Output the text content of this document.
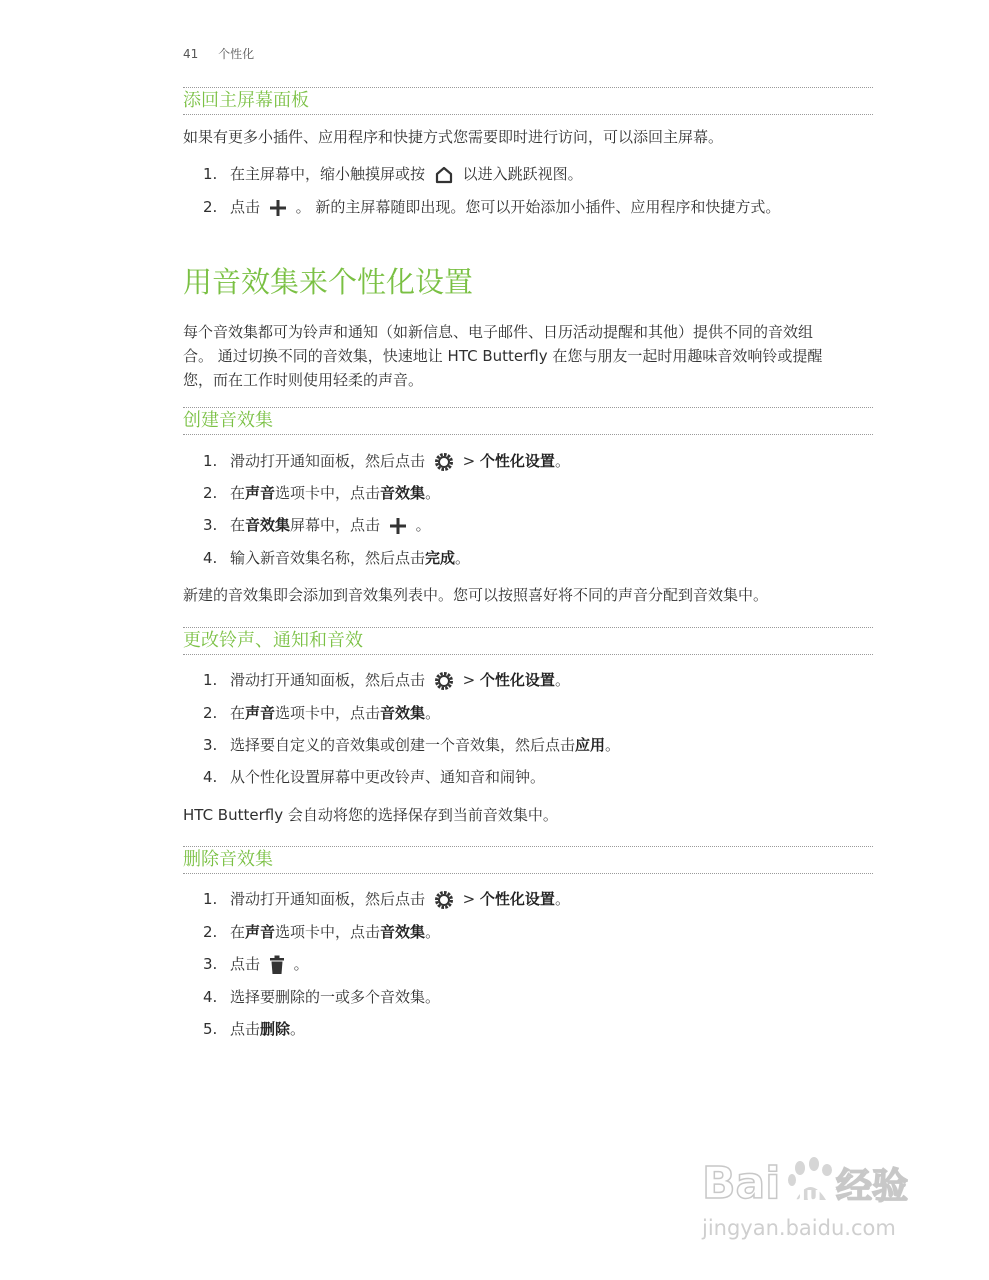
41 个性化
添回主屏幕面板
如果有更多小插件、应用程序和快捷方式您需要即时进行访问，可以添回主屏幕。
1. 在主屏幕中，缩小触摸屏或按	以进入跳跃视图。
2. 点击 。 新的主屏幕随即出现。您可以开始添加小插件、应用程序和快捷方式。
用音效集来个性化设置
每个音效集都可为铃声和通知（如新信息、电子邮件、日历活动提醒和其他）提供不同的音效组
合。 通过切换不同的音效集，快速地让 HTC Butterfly 在您与朋友一起时用趣味音效响铃或提醒
您，而在工作时则使用轻柔的声音。
创建音效集
1. 滑动打开通知面板，然后点击	> 个性化设置。
2. 在声音选项卡中，点击音效集。
3. 在音效集屏幕中，点击 。
4. 输入新音效集名称，然后点击完成。
新建的音效集即会添加到音效集列表中。您可以按照喜好将不同的声音分配到音效集中。
更改铃声、通知和音效
1. 滑动打开通知面板，然后点击	> 个性化设置。
2. 在声音选项卡中，点击音效集。
3. 选择要自定义的音效集或创建一个音效集，然后点击应用。
4. 从个性化设置屏幕中更改铃声、通知音和闹钟。
HTC Butterfly 会自动将您的选择保存到当前音效集中。
删除音效集
1. 滑动打开通知面板，然后点击	> 个性化设置。
2. 在声音选项卡中，点击音效集。
3. 点击 。
4. 选择要删除的一或多个音效集。
5. 点击删除。
Bai du 经验
jingyan.baidu.com
